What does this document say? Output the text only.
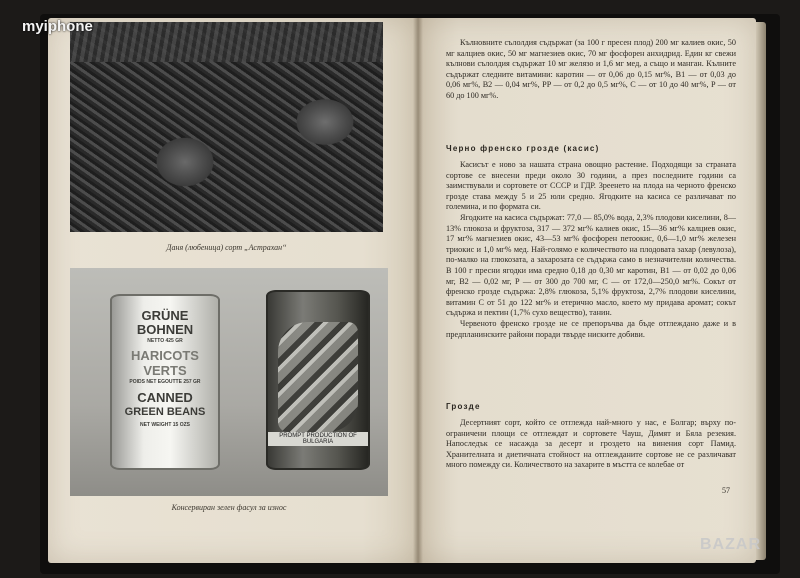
Даня (любеница) сорт „Астрахан“
GRÜNE
BOHNEN
NETTO 425 GR
HARICOTS
VERTS
POIDS NET EGOUTTE 257 GR
CANNED
GREEN BEANS
NET WEIGHT 15 OZS
PROMPT PRODUCTION OF BULGARIA
Консервиран зелен фасул за износ

Кълновните сълолдия съдържат (за 100 г пресен плод) 200 мг калиев окис, 50 мг калциев окис, 50 мг магнезиев окис, 70 мг фосфорен анхидрид. Един кг свежи кълнови сълолдия съдържат 10 мг желязо и 1,6 мг мед, а също и манган. Кълните съдържат следните витамини: каротин — от 0,06 до 0,15 мг%, B1 — от 0,03 до 0,06 мг%, B2 — 0,04 мг%, PP — от 0,2 до 0,5 мг%, C — от 10 до 40 мг%, P — от 60 до 100 мг%.

Черно френско грозде (касис)

Касисът е ново за нашата страна овощно растение. Подходящи за страната сортове се внесени преди около 30 години, а през последните години са заимствували и сортовете от СССР и ГДР. Зреенето на плода на черното френско грозде става между 5 и 25 юли средно. Ягодките на касиса се различават по големина, и по формата си.

Ягодките на касиса съдържат: 77,0 — 85,0% вода, 2,3% плодови киселини, 8—13% глюкоза и фруктоза, 317 — 372 мг% калиев окис, 15—36 мг% калциев окис, 17 мг% магнезиев окис, 43—53 мг% фосфорен петоокис, 0,6—1,0 мг% железен триокис и 1,0 мг% мед. Най-голямо е количеството на плодовата захар (левулоза), по-малко на глюкозата, а захарозата се съдържа само в незначителни количества. В 100 г пресни ягодки има средно 0,18 до 0,30 мг каротин, B1 — от 0,02 до 0,06 мг, B2 — 0,02 мг, P — от 300 до 700 мг, C — от 172,0—250,0 мг%. Сокът от френско грозде съдържа: 2,8% глюкоза, 5,1% фруктоза, 2,7% плодови киселини, витамин C от 51 до 122 мг% и етерично масло, което му придава аромат; сокът съдържа и пектин (1,7% сухо вещество), танин.

Червеното френско грозде не се препоръчва да бъде отглеждано даже и в предпланинските райони поради твърде ниските добиви.

Грозде

Десертният сорт, който се отглежда най-много у нас, е Болгар; върху по-ограничени площи се отглеждат и сортовете Чауш, Димят и Бяла резекия. Напоследък се насажда за десерт и гроздето на винения сорт Памид. Хранителната и диетичната стойност на отглежданите сортове не се различават много помежду си. Количеството на захарите в мъстта се колебае от

57
myiphone
BAZAR
